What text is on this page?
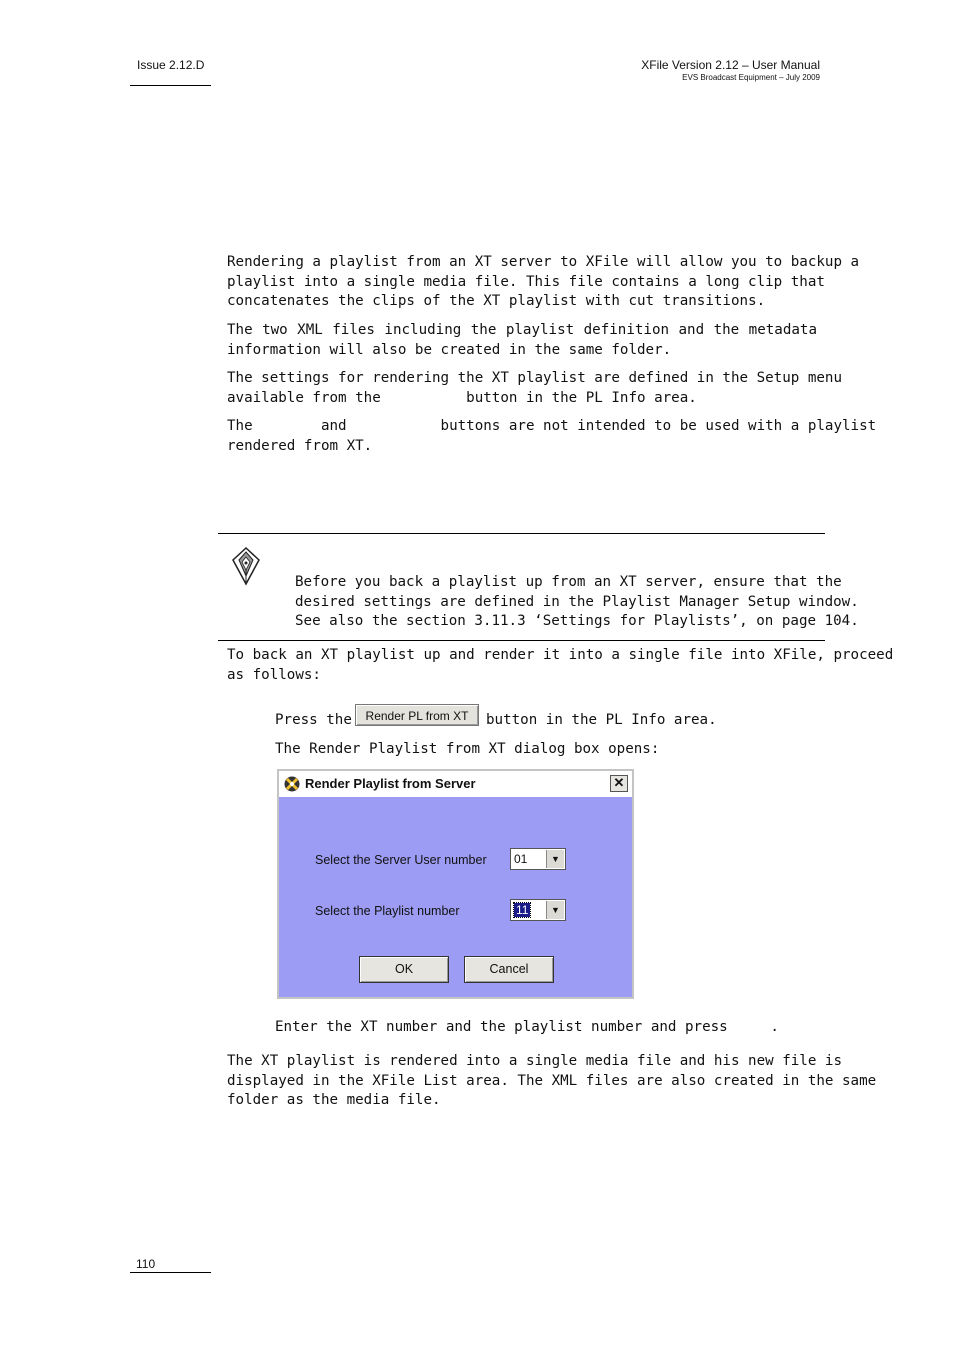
Issue 2.12.D	XFile Version 2.12 – User Manual
EVS Broadcast Equipment – July 2009
Rendering a playlist from an XT server to XFile will allow you to backup a
playlist into a single media file. This file contains a long clip that
concatenates the clips of the XT playlist with cut transitions.
The two XML files including the playlist definition and the metadata
information will also be created in the same folder.
The settings for rendering the XT playlist are defined in the Setup menu
available from the          button in the PL Info area.
The        and           buttons are not intended to be used with a playlist
rendered from XT.
Before you back a playlist up from an XT server, ensure that the
desired settings are defined in the Playlist Manager Setup window.
See also the section 3.11.3 ‘Settings for Playlists’, on page 104.
To back an XT playlist up and render it into a single file into XFile, proceed
as follows:
Press the	Render PL from XT	button in the PL Info area.
The Render Playlist from XT dialog box opens:
Render Playlist from Server	✕
Select the Server User number 01	▼
Select the Playlist number	11	▼
OK	Cancel
Enter the XT number and the playlist number and press     .
The XT playlist is rendered into a single media file and his new file is
displayed in the XFile List area. The XML files are also created in the same
folder as the media file.
110
